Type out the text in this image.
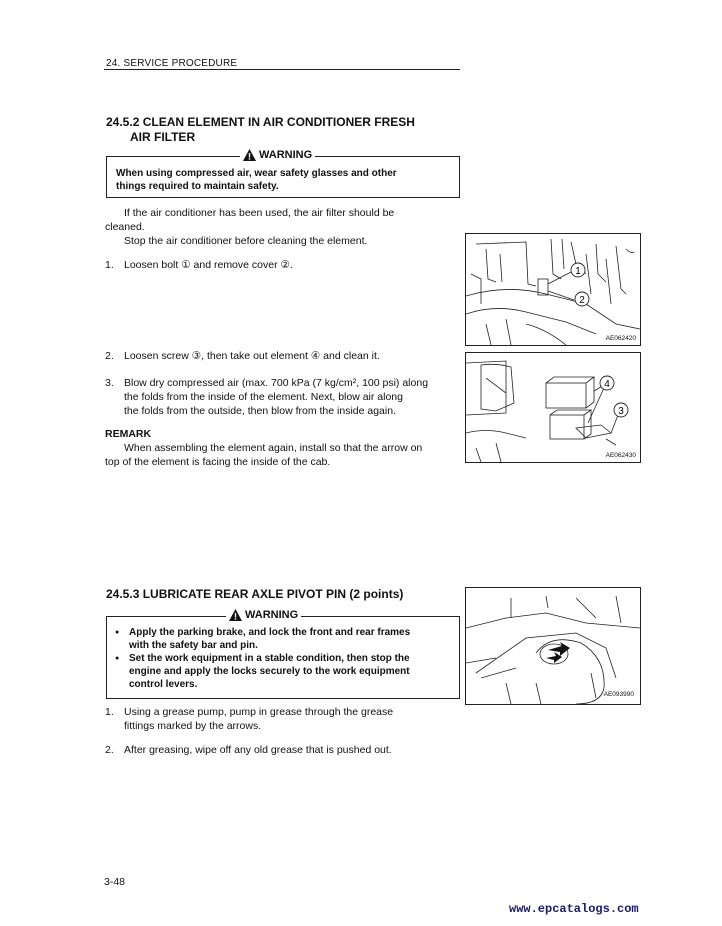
24. SERVICE PROCEDURE
24.5.2 CLEAN ELEMENT IN AIR CONDITIONER FRESH
AIR FILTER
WARNING
When using compressed air, wear safety glasses and other
things required to maintain safety.
If the air conditioner has been used, the air filter should be
cleaned.
Stop the air conditioner before cleaning the element.
1. Loosen bolt ① and remove cover ②.
1
2
AE062420
2. Loosen screw ③, then take out element ④ and clean it.
3. Blow dry compressed air (max. 700 kPa (7 kg/cm², 100 psi) along
the folds from the inside of the element. Next, blow air along
the folds from the outside, then blow from the inside again.
REMARK
When assembling the element again, install so that the arrow on
top of the element is facing the inside of the cab.
4
3
AE062430
24.5.3 LUBRICATE REAR AXLE PIVOT PIN (2 points)
WARNING
● Apply the parking brake, and lock the front and rear frames
with the safety bar and pin.
● Set the work equipment in a stable condition, then stop the
engine and apply the locks securely to the work equipment
control levers.
AE093990
1. Using a grease pump, pump in grease through the grease
fittings marked by the arrows.
2. After greasing, wipe off any old grease that is pushed out.
3-48
www.epcatalogs.com
